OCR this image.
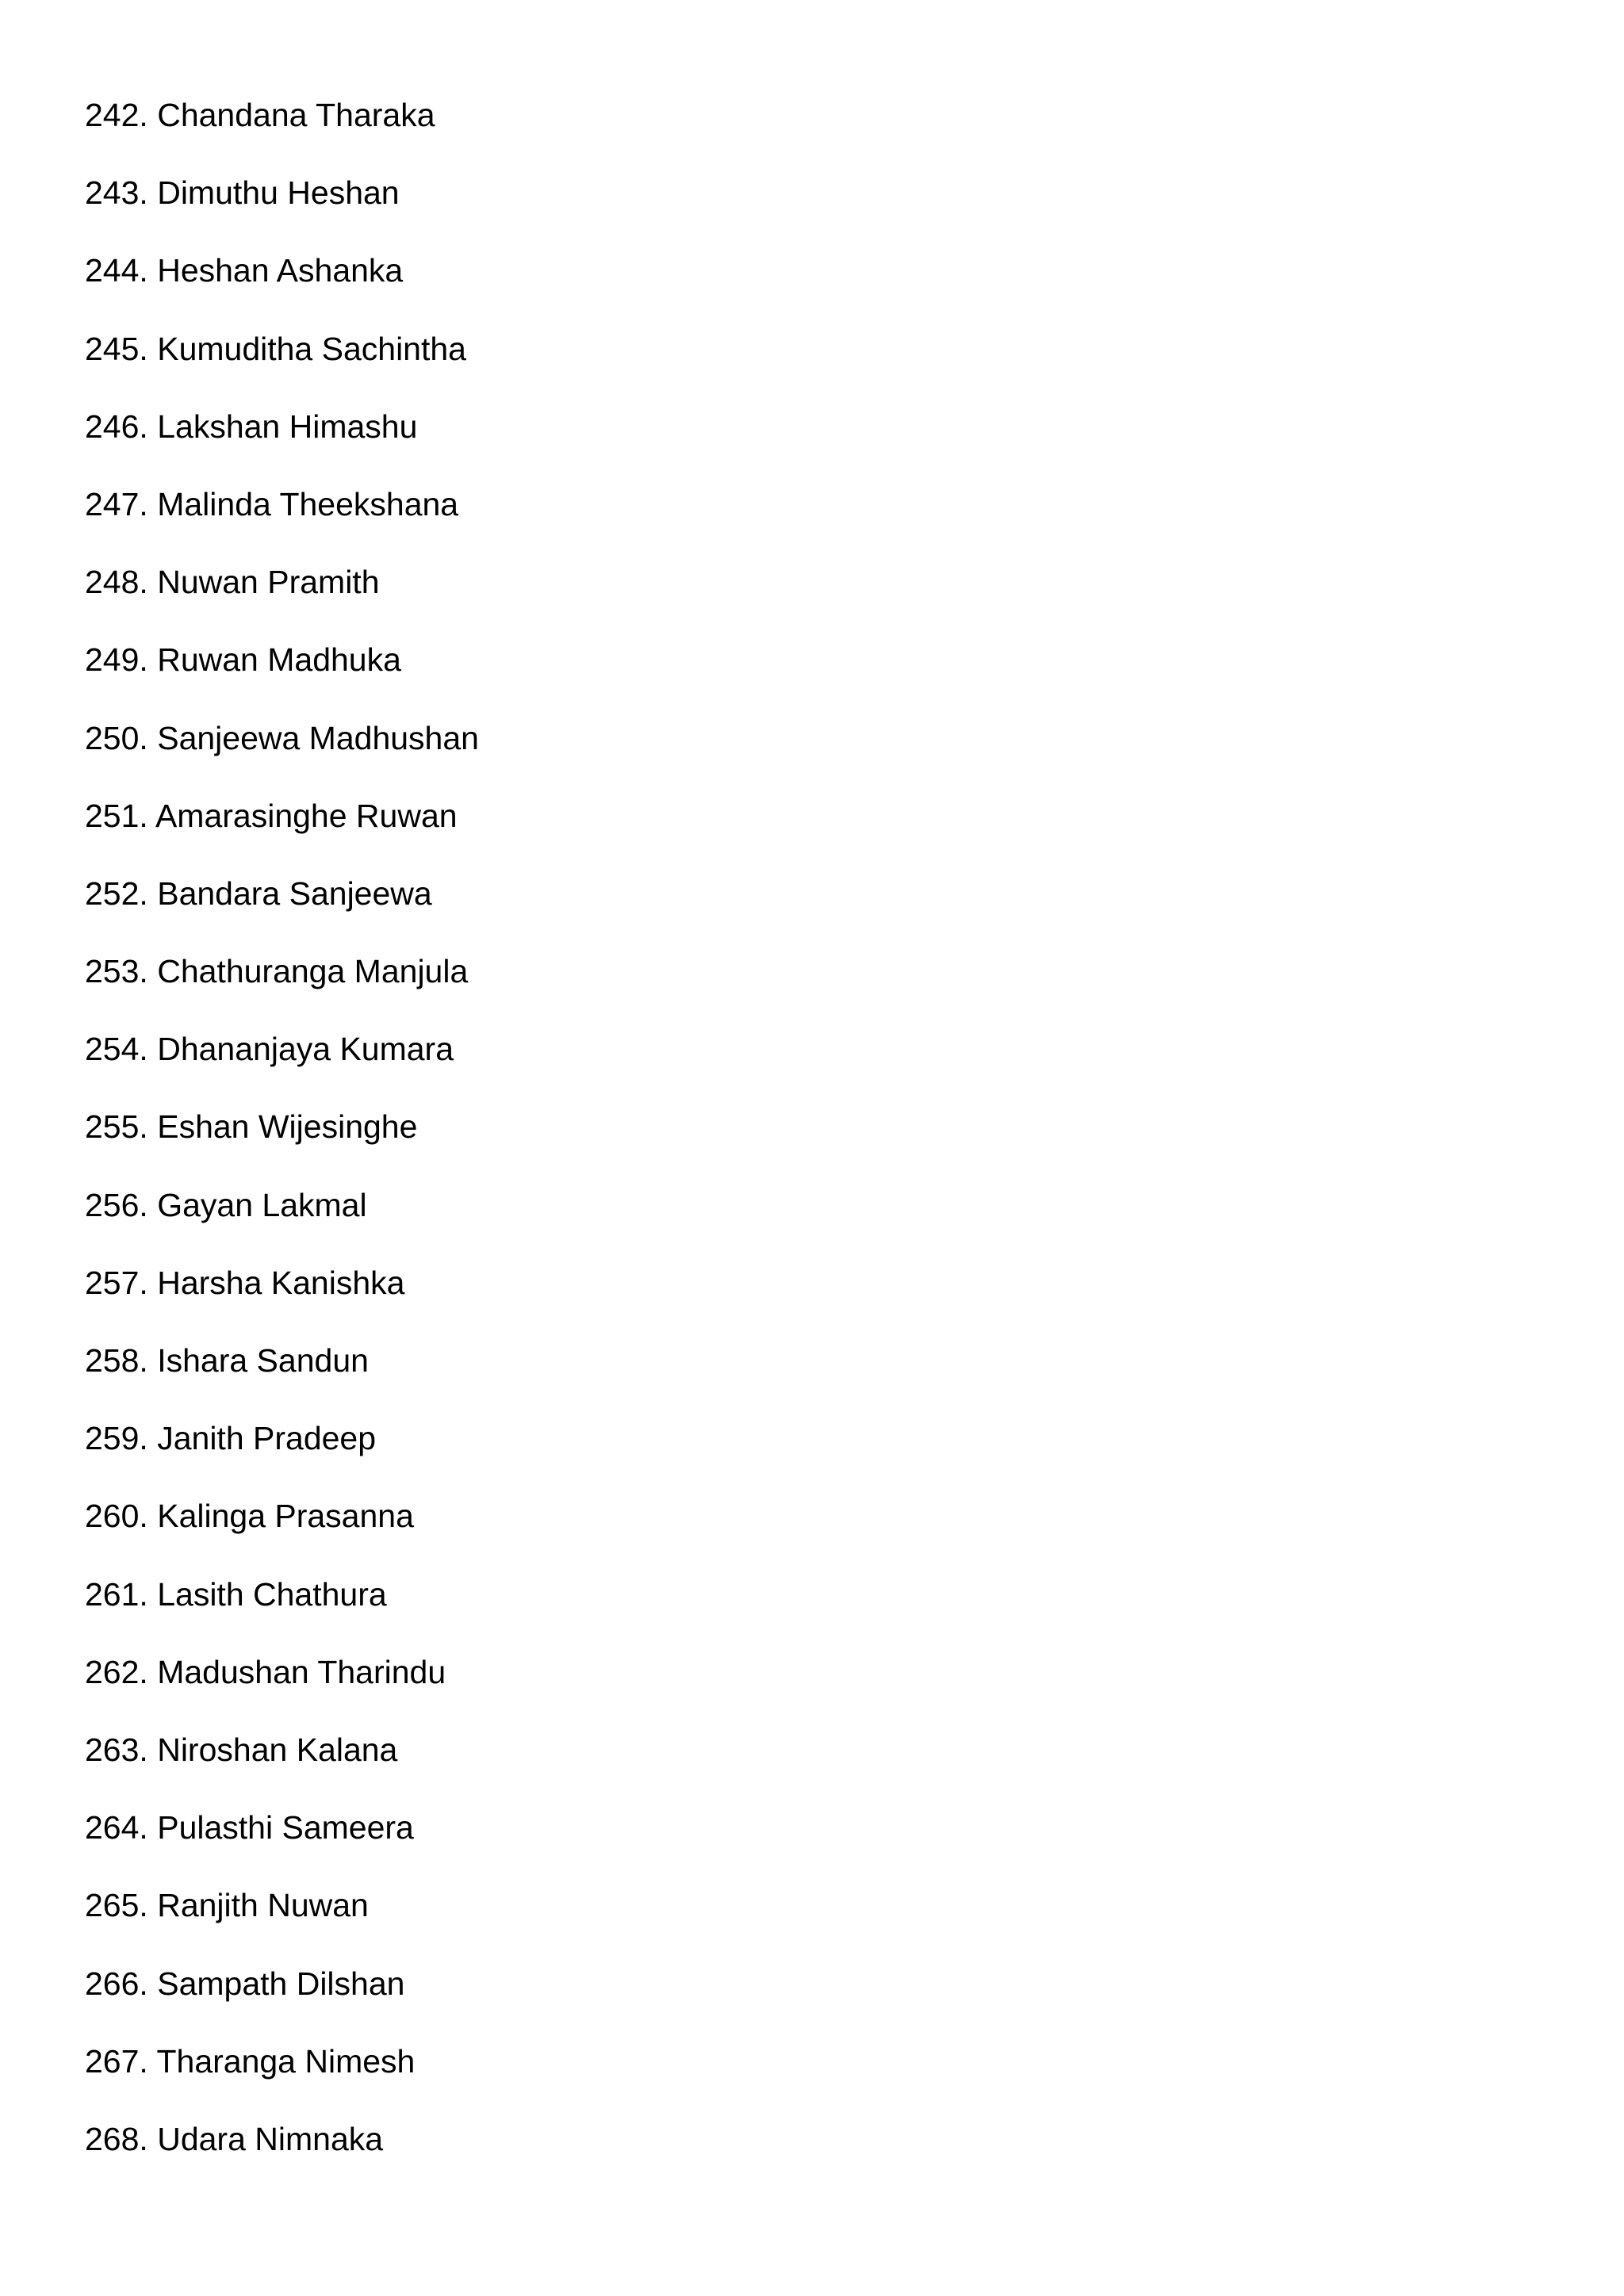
242. Chandana Tharaka
243. Dimuthu Heshan
244. Heshan Ashanka
245. Kumuditha Sachintha
246. Lakshan Himashu
247. Malinda Theekshana
248. Nuwan Pramith
249. Ruwan Madhuka
250. Sanjeewa Madhushan
251. Amarasinghe Ruwan
252. Bandara Sanjeewa
253. Chathuranga Manjula
254. Dhananjaya Kumara
255. Eshan Wijesinghe
256. Gayan Lakmal
257. Harsha Kanishka
258. Ishara Sandun
259. Janith Pradeep
260. Kalinga Prasanna
261. Lasith Chathura
262. Madushan Tharindu
263. Niroshan Kalana
264. Pulasthi Sameera
265. Ranjith Nuwan
266. Sampath Dilshan
267. Tharanga Nimesh
268. Udara Nimnaka
